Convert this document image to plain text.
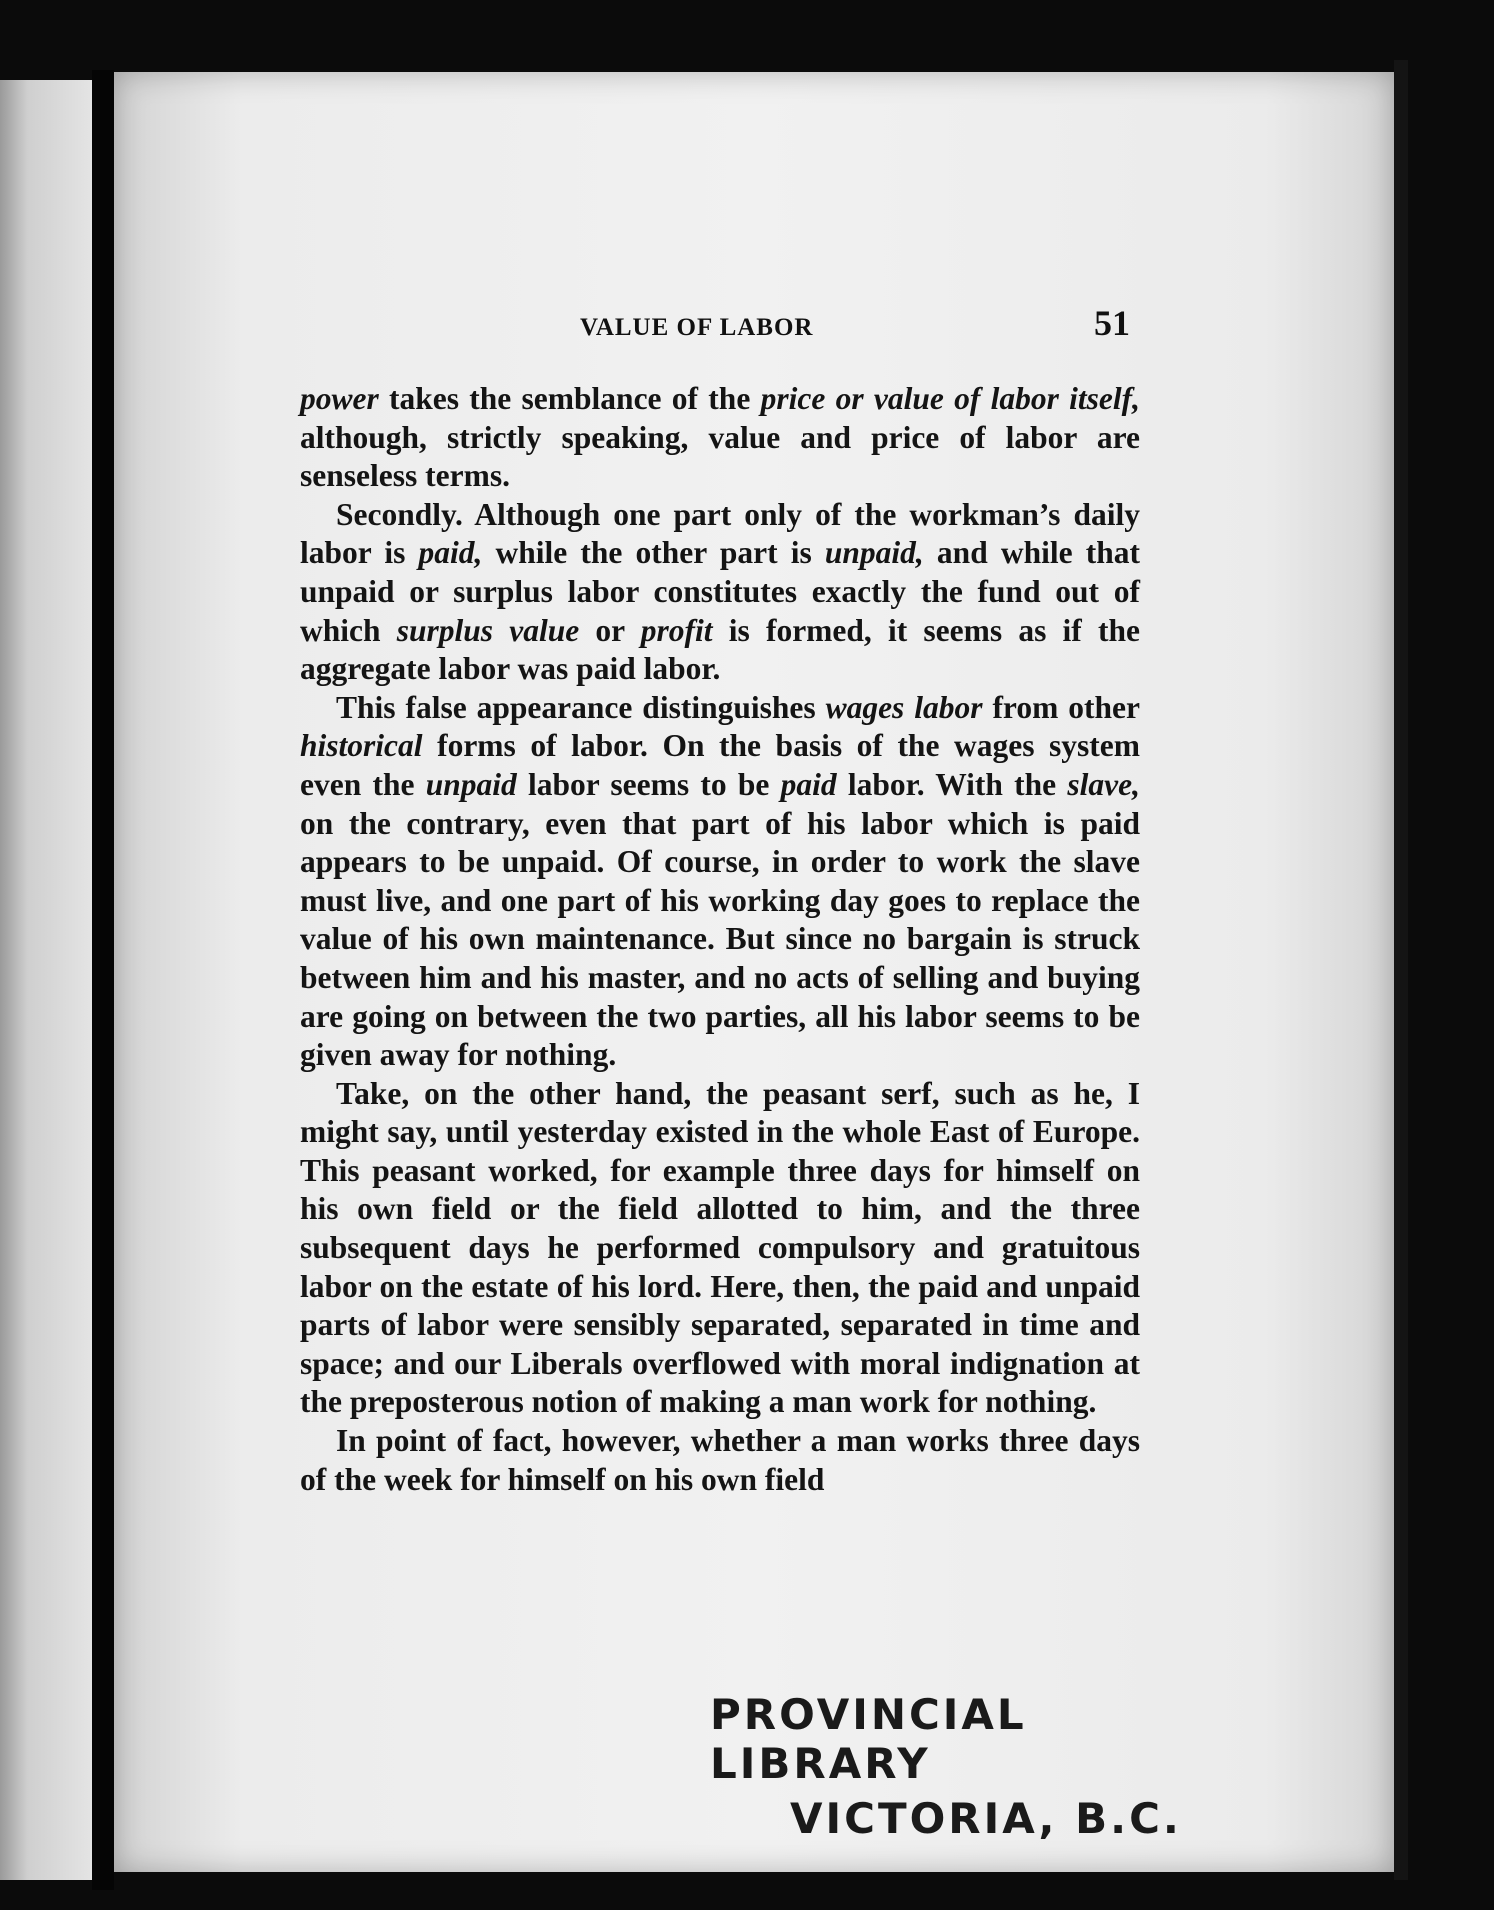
VALUE OF LABOR	51

power takes the semblance of the price or value of labor itself, although, strictly speaking, value and price of labor are senseless terms.

Secondly. Although one part only of the workman’s daily labor is paid, while the other part is unpaid, and while that unpaid or surplus labor constitutes exactly the fund out of which surplus value or profit is formed, it seems as if the aggregate labor was paid labor.

This false appearance distinguishes wages labor from other historical forms of labor. On the basis of the wages system even the unpaid labor seems to be paid labor. With the slave, on the contrary, even that part of his labor which is paid appears to be unpaid. Of course, in order to work the slave must live, and one part of his working day goes to replace the value of his own maintenance. But since no bargain is struck between him and his master, and no acts of selling and buying are going on between the two parties, all his labor seems to be given away for nothing.

Take, on the other hand, the peasant serf, such as he, I might say, until yesterday existed in the whole East of Europe. This peasant worked, for example three days for himself on his own field or the field allotted to him, and the three subsequent days he performed compulsory and gratuitous labor on the estate of his lord. Here, then, the paid and unpaid parts of labor were sensibly separated, separated in time and space; and our Liberals overflowed with moral indignation at the preposterous notion of making a man work for nothing.

In point of fact, however, whether a man works three days of the week for himself on his own field

PROVINCIAL LIBRARY
VICTORIA, B.C.
